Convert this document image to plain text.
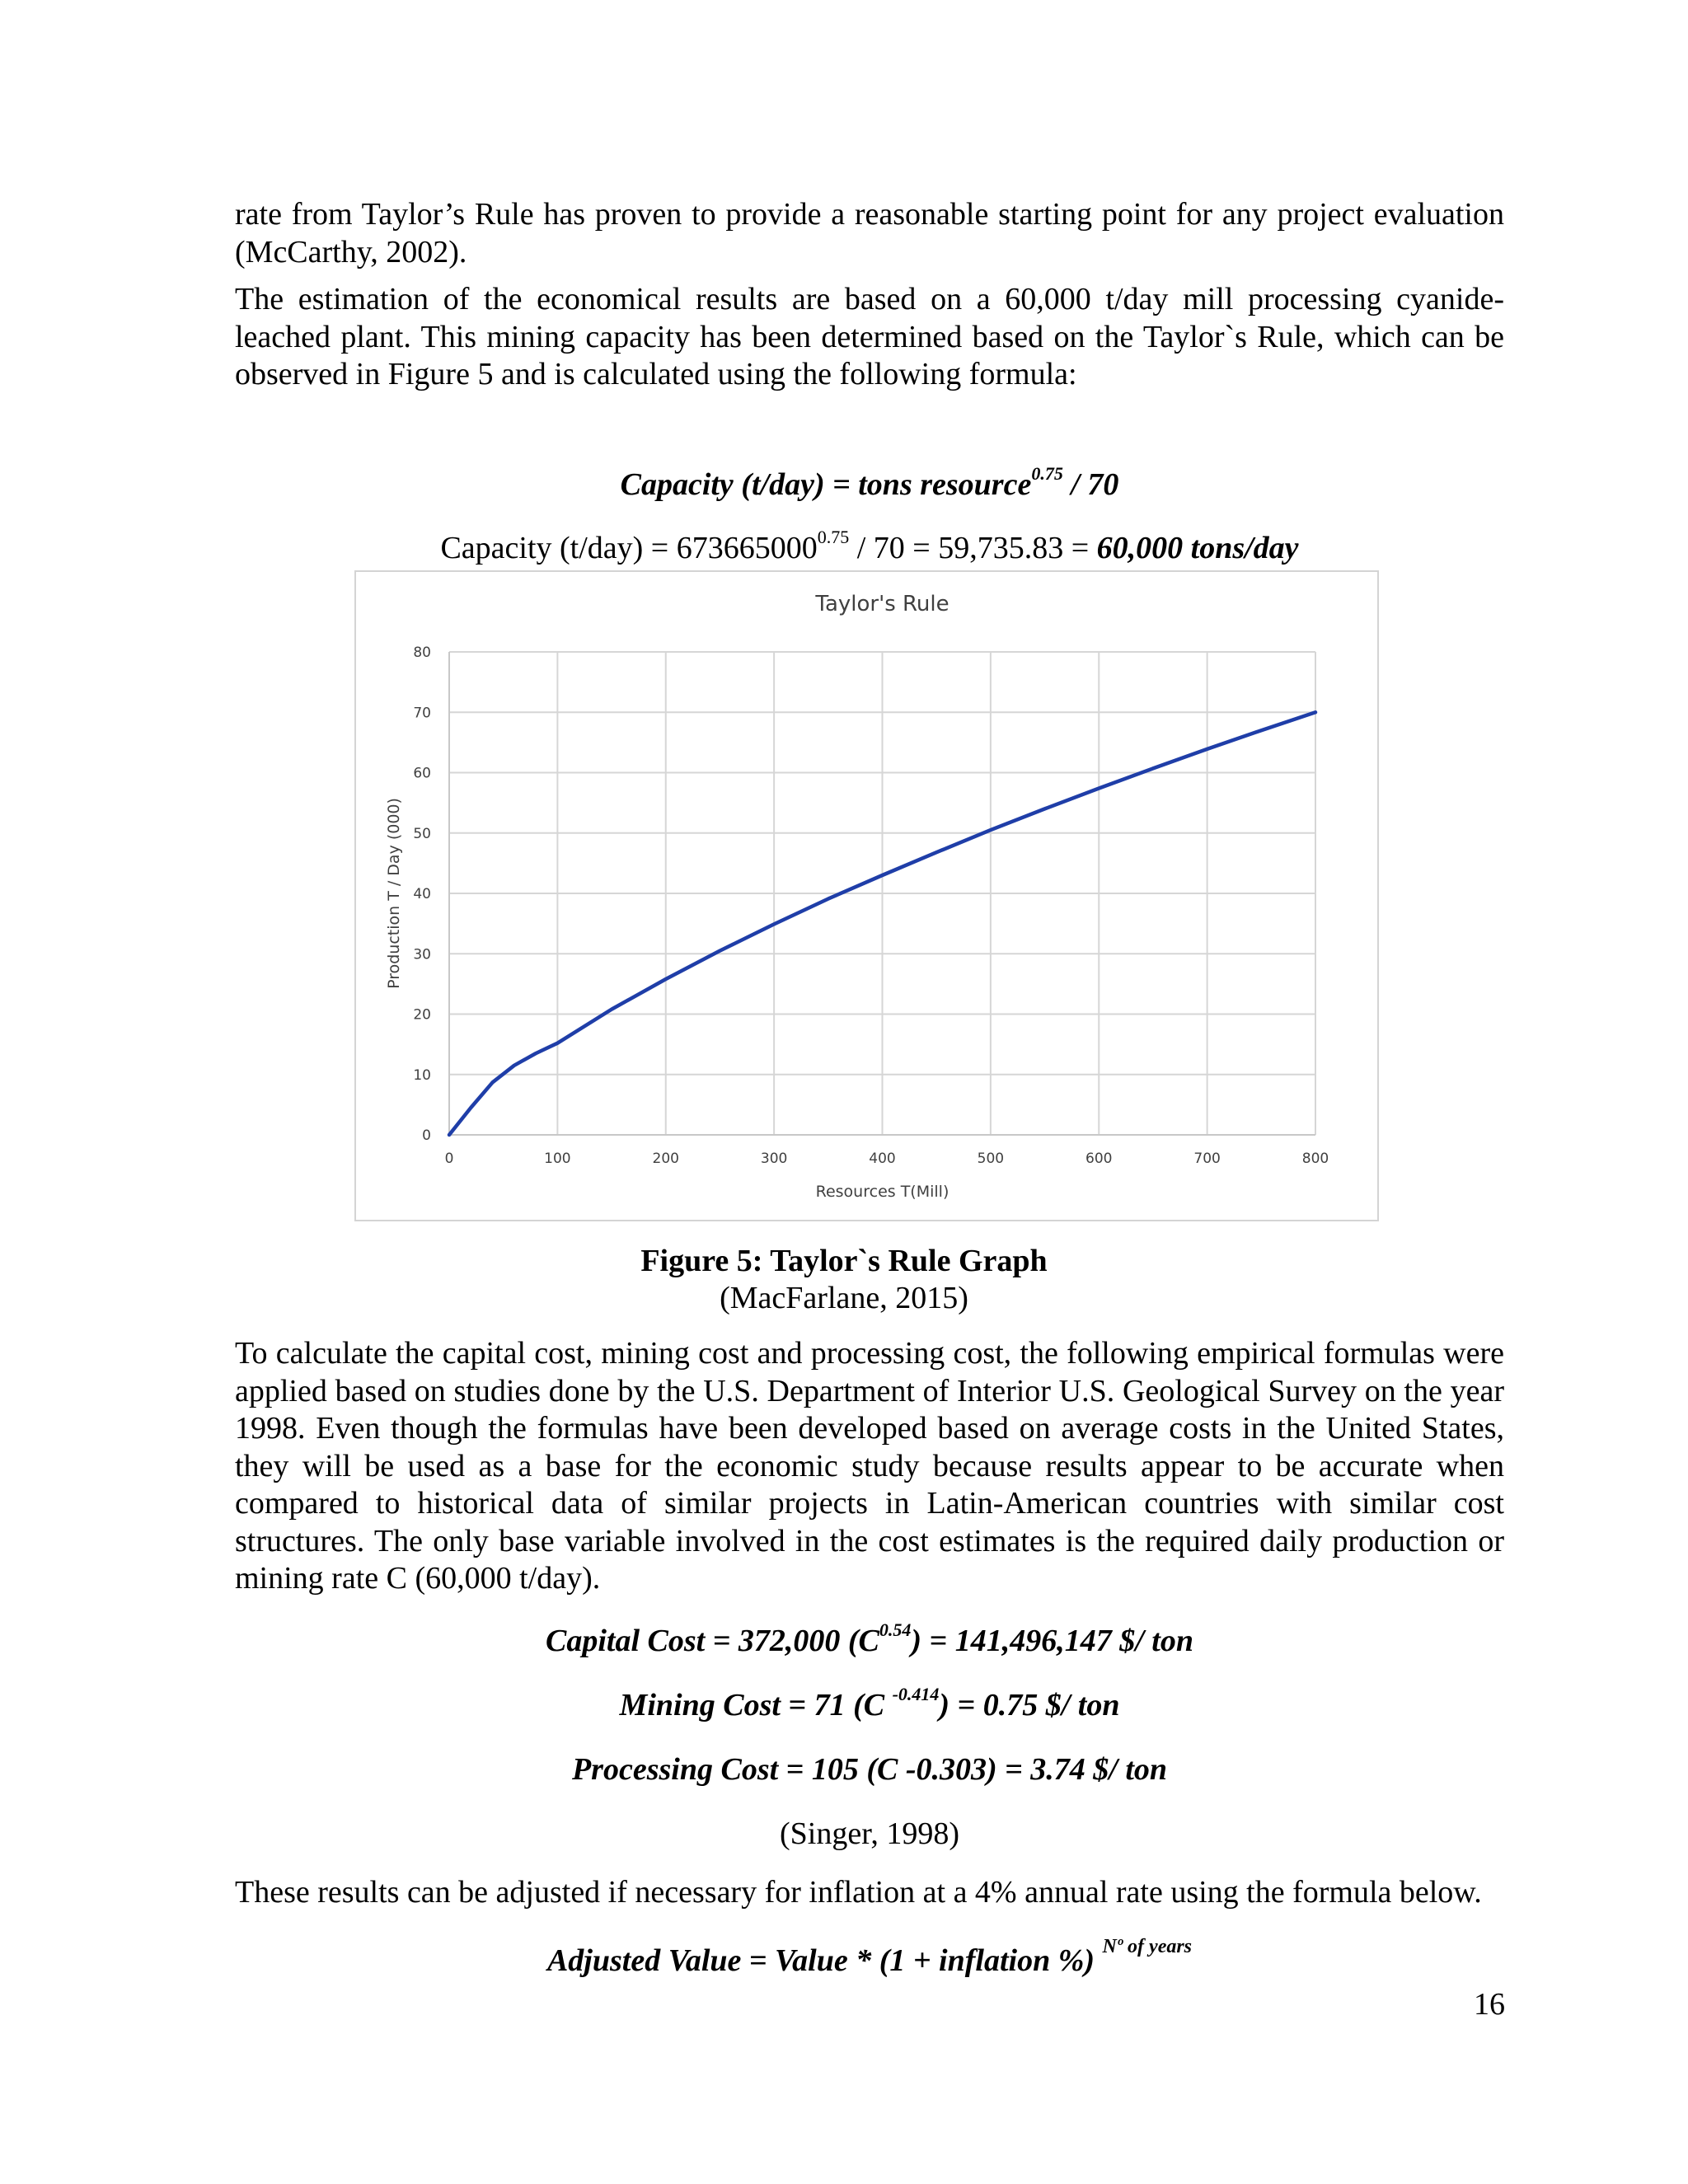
rate from Taylor’s Rule has proven to provide a reasonable starting point for any project evaluation (McCarthy, 2002).

The estimation of the economical results are based on a 60,000 t/day mill processing cyanide-leached plant. This mining capacity has been determined based on the Taylor`s Rule, which can be observed in Figure 5 and is calculated using the following formula:

Capacity (t/day) = tons resource$^{0.75}$ / 70
Capacity $(t/day) = 673665000^{0.75} / 70 = 59,735.83 = 60,000$ tons/day
0	100	200	300	400	500	600	700	800
0
10
20
30
40
50
60
70
80
Taylor's Rule
Resources T(Mill)
Production T / Day (000)
Figure 5: Taylor`s Rule Graph
(MacFarlane, 2015)

To calculate the capital cost, mining cost and processing cost, the following empirical formulas were applied based on studies done by the U.S. Department of Interior U.S. Geological Survey on the year 1998. Even though the formulas have been developed based on average costs in the United States, they will be used as a base for the economic study because results appear to be accurate when compared to historical data of similar projects in Latin-American countries with similar cost structures. The only base variable involved in the cost estimates is the required daily production or mining rate C (60,000 t/day).

Capital Cost = 372,000 $(C^{0.54}) = 141,496,147$ $/ ton
Mining Cost = 71 (C $^{-0.414}$) = 0.75 $/ ton
Processing Cost = 105 (C -0.303) = 3.74 $/ ton
(Singer, 1998)

These results can be adjusted if necessary for inflation at a 4% annual rate using the formula below.

Adjusted Value = Value * (1 + inflation %) $^{Nº of years}$
16
